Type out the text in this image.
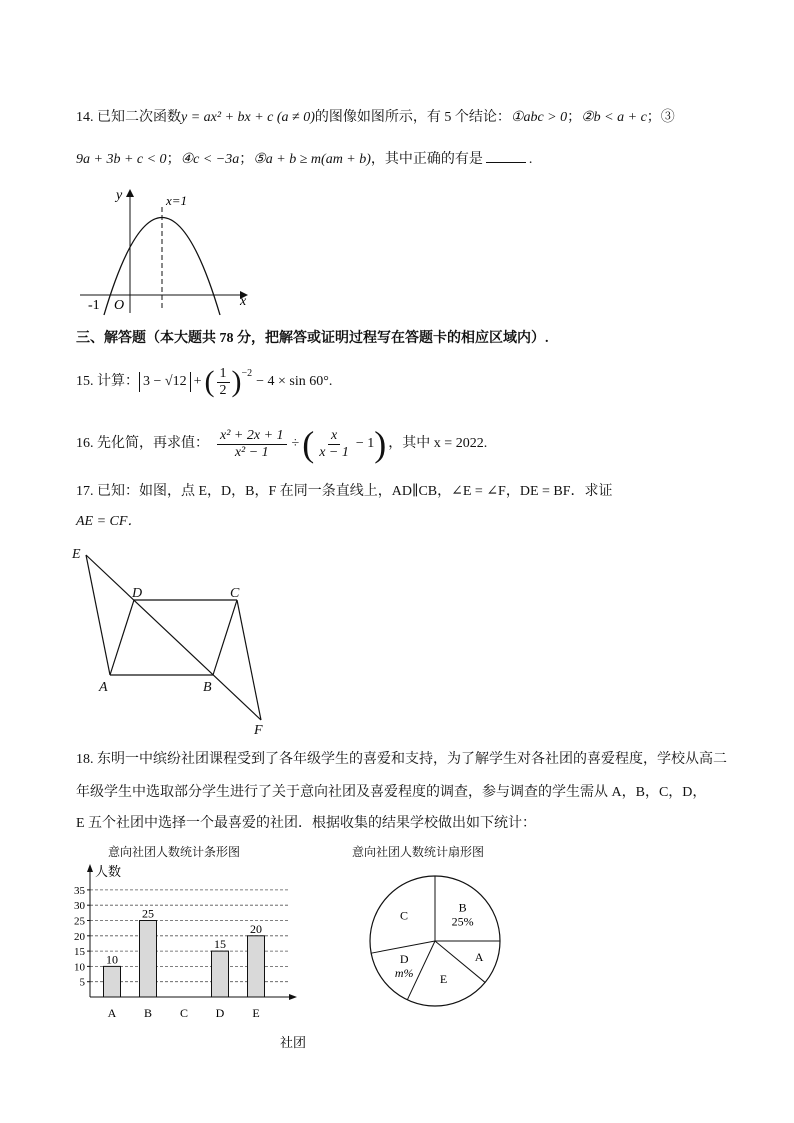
14. 已知二次函数y = ax² + bx + c (a ≠ 0)的图像如图所示，有 5 个结论：①abc > 0；②b < a + c；③
9a + 3b + c < 0；④c < −3a；⑤a + b ≥ m(am + b)，其中正确的有是	.
y
x
x=1
O
-1
三、解答题（本大题共 78 分，把解答或证明过程写在答题卡的相应区域内）.
15.
计算： 3 − √12 + ( $\frac{1}{2} )^{-2}$
− 4 × sin 60°.
16.
先化简，再求值： $\frac{\text{x² + 2x + 1}}{\text{x² − 1}}$ ÷ ( $\frac{x}{x - 1} - 1$ ) ，其中 x = 2022.
17. 已知：如图，点 E，D，B，F 在同一条直线上，AD∥CB，∠E = ∠F，DE = BF．求证
AE = CF．
E
D	C
A	B
F
18. 东明一中缤纷社团课程受到了各年级学生的喜爱和支持，为了解学生对各社团的喜爱程度，学校从高二
年级学生中选取部分学生进行了关于意向社团及喜爱程度的调查，参与调查的学生需从 A，B，C，D，
E 五个社团中选择一个最喜爱的社团．根据收集的结果学校做出如下统计：
意向社团人数统计条形图	意向社团人数统计扇形图
5
10
15
20
25
30
35
人数
社团
A
10
B
25
C D
15
E
20
B
25%
A
E
D
m%
C
